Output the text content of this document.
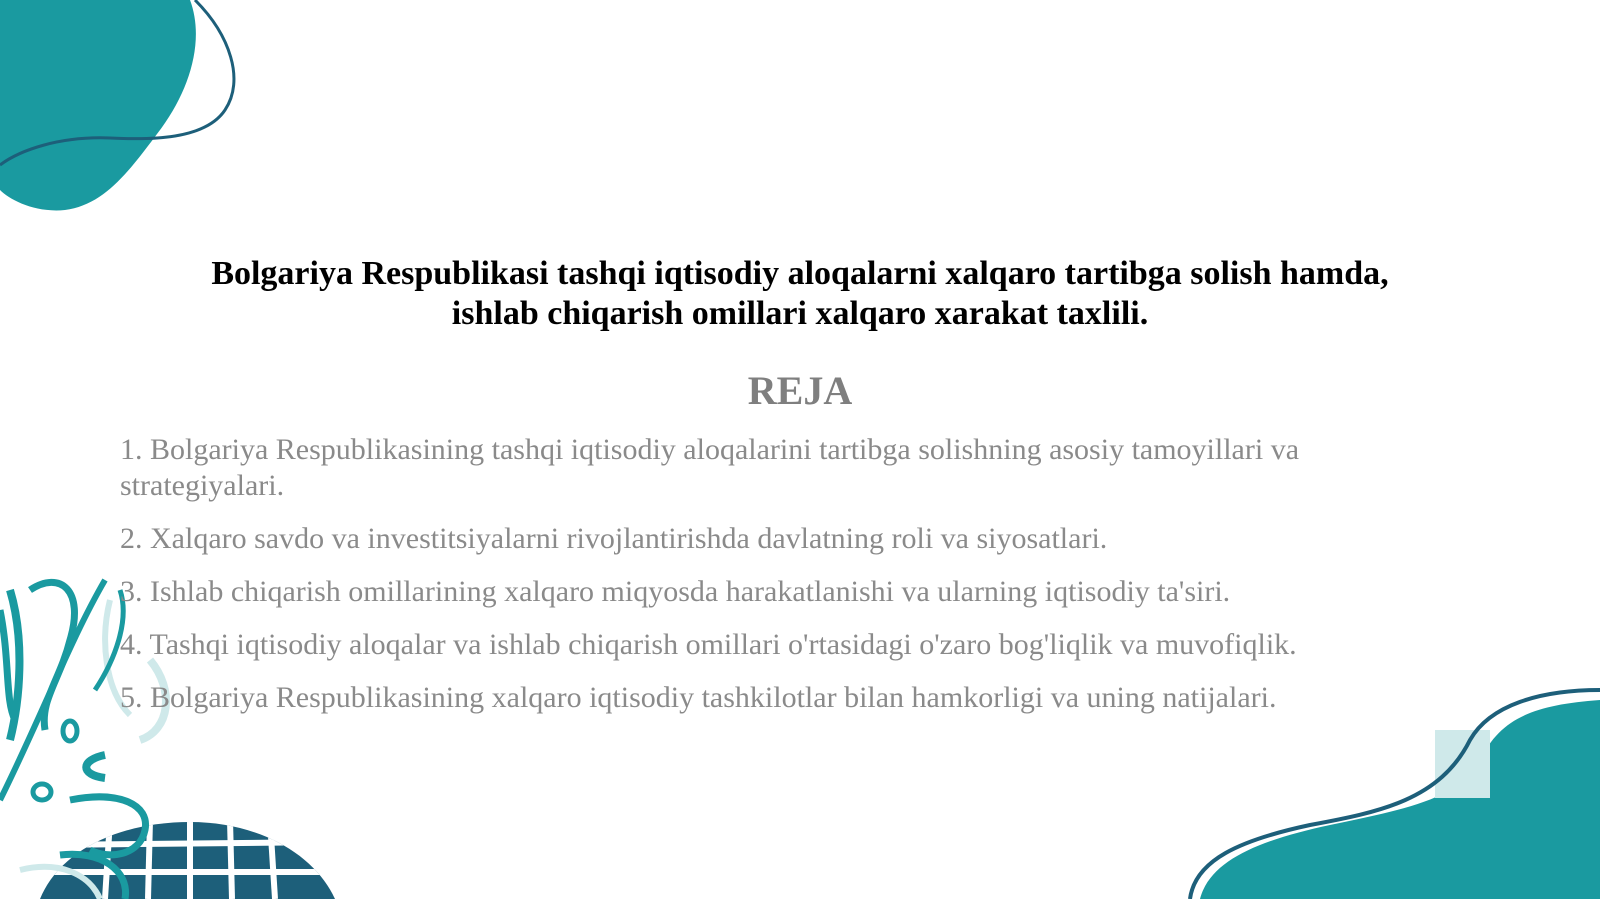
Bolgariya Respublikasi tashqi iqtisodiy aloqalarni xalqaro tartibga solish hamda,
ishlab chiqarish omillari xalqaro xarakat taxlili.
REJA
1. Bolgariya Respublikasining tashqi iqtisodiy aloqalarini tartibga solishning asosiy tamoyillari va strategiyalari.
2. Xalqaro savdo va investitsiyalarni rivojlantirishda davlatning roli va siyosatlari.
3. Ishlab chiqarish omillarining xalqaro miqyosda harakatlanishi va ularning iqtisodiy ta'siri.
4. Tashqi iqtisodiy aloqalar va ishlab chiqarish omillari o'rtasidagi o'zaro bog'liqlik va muvofiqlik.
5. Bolgariya Respublikasining xalqaro iqtisodiy tashkilotlar bilan hamkorligi va uning natijalari.
